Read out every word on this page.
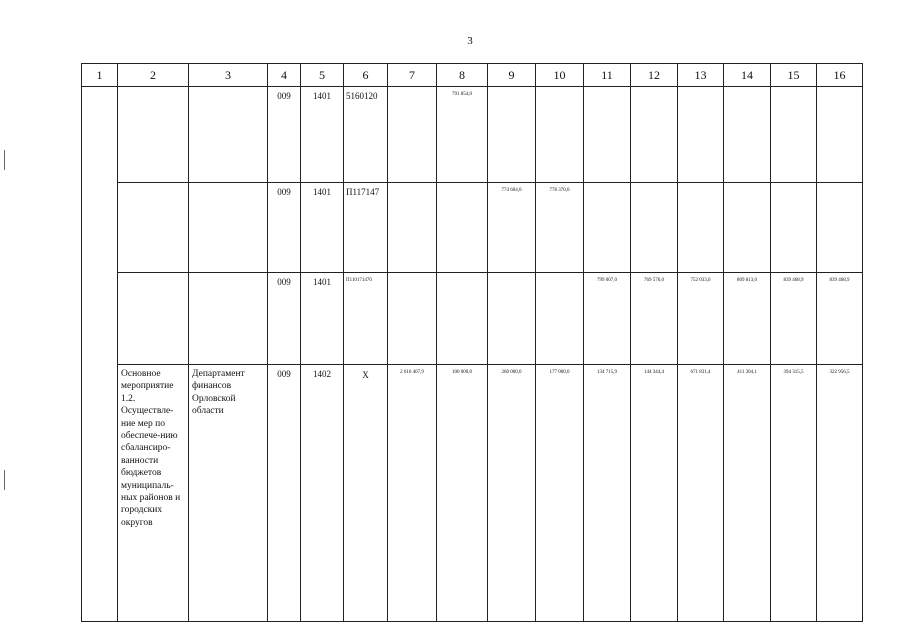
3
1	2	3	4	5	6	7	8	9	10	11	12	13	14	15	16
			009	1401	5160120		791 854,0								
			009	1401	П117147			774 604,0	778 370,0						
			009	1401	П110171470					799 007,0	769 576,0	752 033,0	809 813,0	839 468,9	839 468,9
	Основное мероприятие 1.2. Осуществле-ние мер по обеспече-нию сбалансиро-ванности бюджетов муниципаль-ных районов и городских округов	Департамент финансов Орловской области	009	1402	Х	2 616 467,9	100 000,0	260 000,0	177 000,0	134 715,9	144 344,4	671 831,4	411 304,1	394 315,5	322 956,5
